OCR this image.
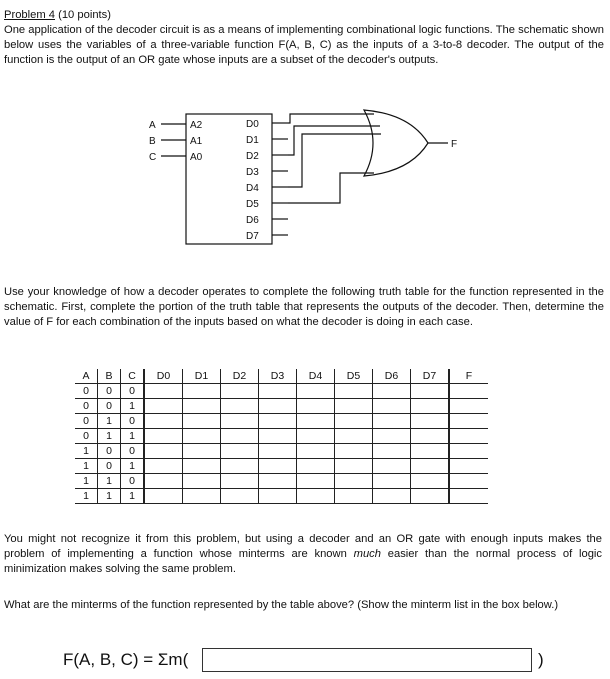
Problem 4 (10 points)
One application of the decoder circuit is as a means of implementing combinational logic functions. The schematic shown below uses the variables of a three-variable function F(A, B, C) as the inputs of a 3-to-8 decoder. The output of the function is the output of an OR gate whose inputs are a subset of the decoder's outputs.
A
B
C
A2
A1
A0
D0
D1
D2
D3
D4
D5
D6
D7
F
Use your knowledge of how a decoder operates to complete the following truth table for the function represented in the schematic. First, complete the portion of the truth table that represents the outputs of the decoder. Then, determine the value of F for each combination of the inputs based on what the decoder is doing in each case.
A	B	C	D0	D1	D2	D3	D4	D5	D6	D7	F
0	0	0									
0	0	1									
0	1	0									
0	1	1									
1	0	0									
1	0	1									
1	1	0									
1	1	1									
You might not recognize it from this problem, but using a decoder and an OR gate with enough inputs makes the problem of implementing a function whose minterms are known much easier than the normal process of logic minimization makes solving the same problem.
What are the minterms of the function represented by the table above? (Show the minterm list in the box below.)
F(A, B, C) = Σm(	)
